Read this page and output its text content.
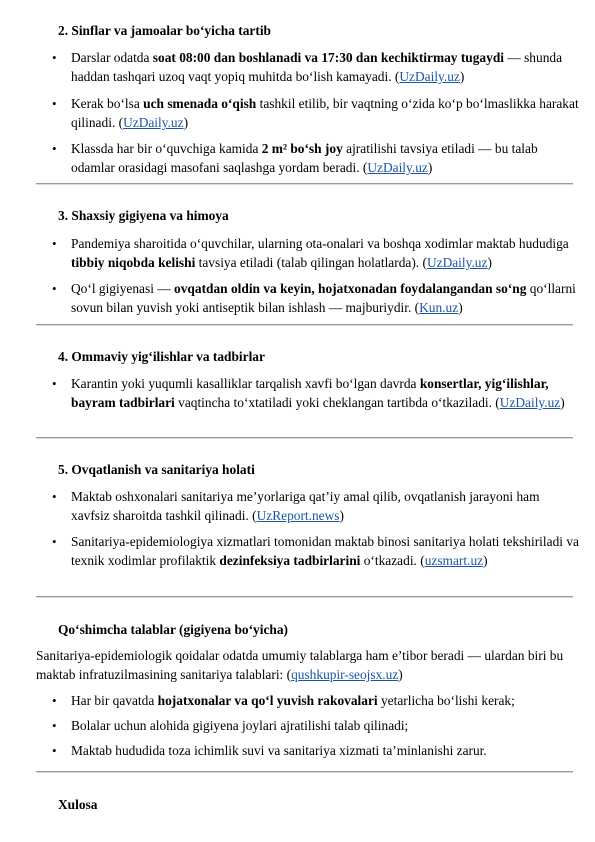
2. Sinflar va jamoalar bo‘yicha tartib
•	Darslar odatda soat 08:00 dan boshlanadi va 17:30 dan kechiktirmay tugaydi — shunda haddan tashqari uzoq vaqt yopiq muhitda bo‘lish kamayadi. (UzDaily.uz)
•	Kerak bo‘lsa uch smenada o‘qish tashkil etilib, bir vaqtning o‘zida ko‘p bo‘lmaslikka harakat qilinadi. (UzDaily.uz)
•	Klassda har bir o‘quvchiga kamida 2 m² bo‘sh joy ajratilishi tavsiya etiladi — bu talab odamlar orasidagi masofani saqlashga yordam beradi. (UzDaily.uz)
3. Shaxsiy gigiyena va himoya
•	Pandemiya sharoitida o‘quvchilar, ularning ota-onalari va boshqa xodimlar maktab hududiga tibbiy niqobda kelishi tavsiya etiladi (talab qilingan holatlarda). (UzDaily.uz)
•	Qo‘l gigiyenasi — ovqatdan oldin va keyin, hojatxonadan foydalangandan so‘ng qo‘llarni sovun bilan yuvish yoki antiseptik bilan ishlash — majburiydir. (Kun.uz)
4. Ommaviy yig‘ilishlar va tadbirlar
•	Karantin yoki yuqumli kasalliklar tarqalish xavfi bo‘lgan davrda konsertlar, yig‘ilishlar, bayram tadbirlari vaqtincha to‘xtatiladi yoki cheklangan tartibda o‘tkaziladi. (UzDaily.uz)
5. Ovqatlanish va sanitariya holati
•	Maktab oshxonalari sanitariya me’yorlariga qat’iy amal qilib, ovqatlanish jarayoni ham xavfsiz sharoitda tashkil qilinadi. (UzReport.news)
•	Sanitariya-epidemiologiya xizmatlari tomonidan maktab binosi sanitariya holati tekshiriladi va texnik xodimlar profilaktik dezinfeksiya tadbirlarini o‘tkazadi. (uzsmart.uz)
Qo‘shimcha talablar (gigiyena bo‘yicha)
Sanitariya-epidemiologik qoidalar odatda umumiy talablarga ham e’tibor beradi — ulardan biri bu maktab infratuzilmasining sanitariya talablari: (qushkupir-seojsx.uz)
•	Har bir qavatda hojatxonalar va qo‘l yuvish rakovalari yetarlicha bo‘lishi kerak;
•	Bolalar uchun alohida gigiyena joylari ajratilishi talab qilinadi;
•	Maktab hududida toza ichimlik suvi va sanitariya xizmati ta’minlanishi zarur.
Xulosa
